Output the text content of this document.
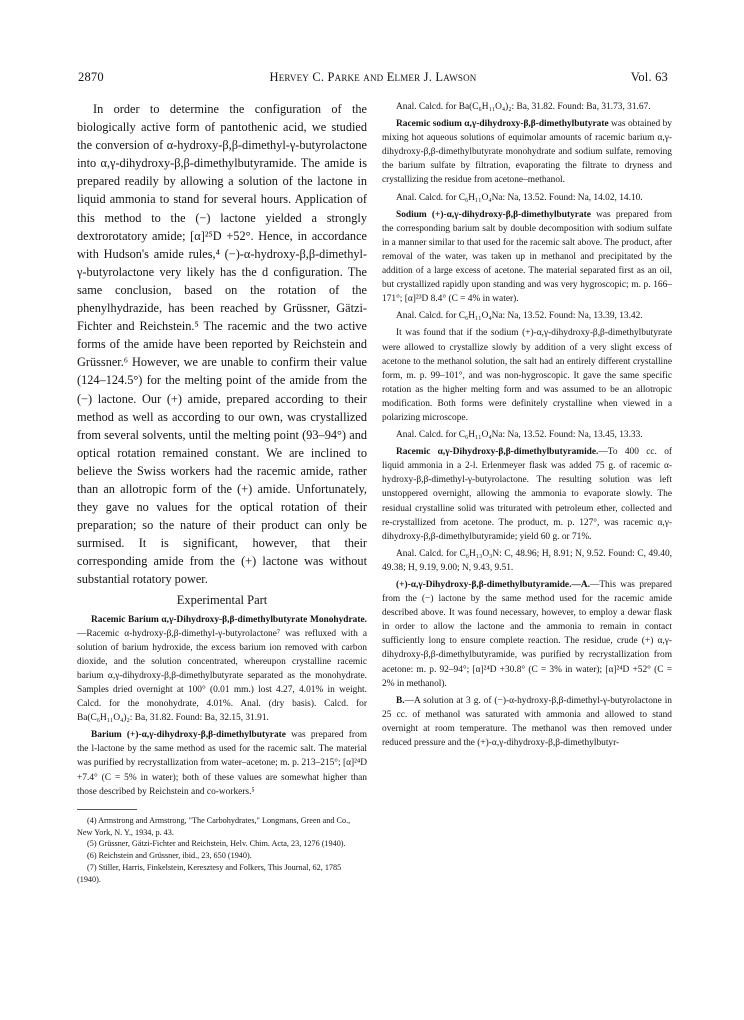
2870	Hervey C. Parke and Elmer J. Lawson	Vol. 63

In order to determine the configuration of the biologically active form of pantothenic acid, we studied the conversion of α-hydroxy-β,β-dimethyl-γ-butyrolactone into α,γ-dihydroxy-β,β-dimethylbutyramide. The amide is prepared readily by allowing a solution of the lactone in liquid ammonia to stand for several hours. Application of this method to the (−) lactone yielded a strongly dextrorotatory amide; [α]²⁵D +52°. Hence, in accordance with Hudson's amide rules,⁴ (−)-α-hydroxy-β,β-dimethyl-γ-butyrolactone very likely has the d configuration. The same conclusion, based on the rotation of the phenylhydrazide, has been reached by Grüssner, Gätzi-Fichter and Reichstein.⁵ The racemic and the two active forms of the amide have been reported by Reichstein and Grüssner.⁶ However, we are unable to confirm their value (124–124.5°) for the melting point of the amide from the (−) lactone. Our (+) amide, prepared according to their method as well as according to our own, was crystallized from several solvents, until the melting point (93–94°) and optical rotation remained constant. We are inclined to believe the Swiss workers had the racemic amide, rather than an allotropic form of the (+) amide. Unfortunately, they gave no values for the optical rotation of their preparation; so the nature of their product can only be surmised. It is significant, however, that their corresponding amide from the (+) lactone was without substantial rotatory power.

Experimental Part

Racemic Barium α,γ-Dihydroxy-β,β-dimethylbutyrate Monohydrate.—Racemic α-hydroxy-β,β-dimethyl-γ-butyrolactone⁷ was refluxed with a solution of barium hydroxide, the excess barium ion removed with carbon dioxide, and the solution concentrated, whereupon crystalline racemic barium α,γ-dihydroxy-β,β-dimethylbutyrate separated as the monohydrate. Samples dried overnight at 100° (0.01 mm.) lost 4.27, 4.01% in weight. Calcd. for the monohydrate, 4.01%. Anal. (dry basis). Calcd. for Ba(C₆H₁₁O₄)₂: Ba, 31.82. Found: Ba, 32.15, 31.91.

Barium (+)-α,γ-dihydroxy-β,β-dimethylbutyrate was prepared from the l-lactone by the same method as used for the racemic salt. The material was purified by recrystallization from water–acetone; m. p. 213–215°; [α]²⁴D +7.4° (C = 5% in water); both of these values are somewhat higher than those described by Reichstein and co-workers.⁵

(4) Armstrong and Armstrong, "The Carbohydrates," Longmans, Green and Co., New York, N. Y., 1934, p. 43.

(5) Grüssner, Gätzi-Fichter and Reichstein, Helv. Chim. Acta, 23, 1276 (1940).

(6) Reichstein and Grüssner, ibid., 23, 650 (1940).

(7) Stiller, Harris, Finkelstein, Keresztesy and Folkers, This Journal, 62, 1785 (1940).

Anal. Calcd. for Ba(C₆H₁₁O₄)₂: Ba, 31.82. Found: Ba, 31.73, 31.67.

Racemic sodium α,γ-dihydroxy-β,β-dimethylbutyrate was obtained by mixing hot aqueous solutions of equimolar amounts of racemic barium α,γ-dihydroxy-β,β-dimethylbutyrate monohydrate and sodium sulfate, removing the barium sulfate by filtration, evaporating the filtrate to dryness and crystallizing the residue from acetone–methanol.

Anal. Calcd. for C₆H₁₁O₄Na: Na, 13.52. Found: Na, 14.02, 14.10.

Sodium (+)-α,γ-dihydroxy-β,β-dimethylbutyrate was prepared from the corresponding barium salt by double decomposition with sodium sulfate in a manner similar to that used for the racemic salt above. The product, after removal of the water, was taken up in methanol and precipitated by the addition of a large excess of acetone. The material separated first as an oil, but crystallized rapidly upon standing and was very hygroscopic; m. p. 166–171°; [α]²³D 8.4° (C = 4% in water).

Anal. Calcd. for C₆H₁₁O₄Na: Na, 13.52. Found: Na, 13.39, 13.42.

It was found that if the sodium (+)-α,γ-dihydroxy-β,β-dimethylbutyrate were allowed to crystallize slowly by addition of a very slight excess of acetone to the methanol solution, the salt had an entirely different crystalline form, m. p. 99–101°, and was non-hygroscopic. It gave the same specific rotation as the higher melting form and was assumed to be an allotropic modification. Both forms were definitely crystalline when viewed in a polarizing microscope.

Anal. Calcd. for C₆H₁₁O₄Na: Na, 13.52. Found: Na, 13.45, 13.33.

Racemic α,γ-Dihydroxy-β,β-dimethylbutyramide.—To 400 cc. of liquid ammonia in a 2-l. Erlenmeyer flask was added 75 g. of racemic α-hydroxy-β,β-dimethyl-γ-butyrolactone. The resulting solution was left unstoppered overnight, allowing the ammonia to evaporate slowly. The residual crystalline solid was triturated with petroleum ether, collected and re-crystallized from acetone. The product, m. p. 127°, was racemic α,γ-dihydroxy-β,β-dimethylbutyramide; yield 60 g. or 71%.

Anal. Calcd. for C₆H₁₃O₃N: C, 48.96; H, 8.91; N, 9.52. Found: C, 49.40, 49.38; H, 9.19, 9.00; N, 9.43, 9.51.

(+)-α,γ-Dihydroxy-β,β-dimethylbutyramide.—A.—This was prepared from the (−) lactone by the same method used for the racemic amide described above. It was found necessary, however, to employ a dewar flask in order to allow the lactone and the ammonia to remain in contact sufficiently long to ensure complete reaction. The residue, crude (+) α,γ-dihydroxy-β,β-dimethylbutyramide, was purified by recrystallization from acetone: m. p. 92–94°; [α]²⁴D +30.8° (C = 3% in water); [α]²⁴D +52° (C = 2% in methanol).

B.—A solution at 3 g. of (−)-α-hydroxy-β,β-dimethyl-γ-butyrolactone in 25 cc. of methanol was saturated with ammonia and allowed to stand overnight at room temperature. The methanol was then removed under reduced pressure and the (+)-α,γ-dihydroxy-β,β-dimethylbutyr-
